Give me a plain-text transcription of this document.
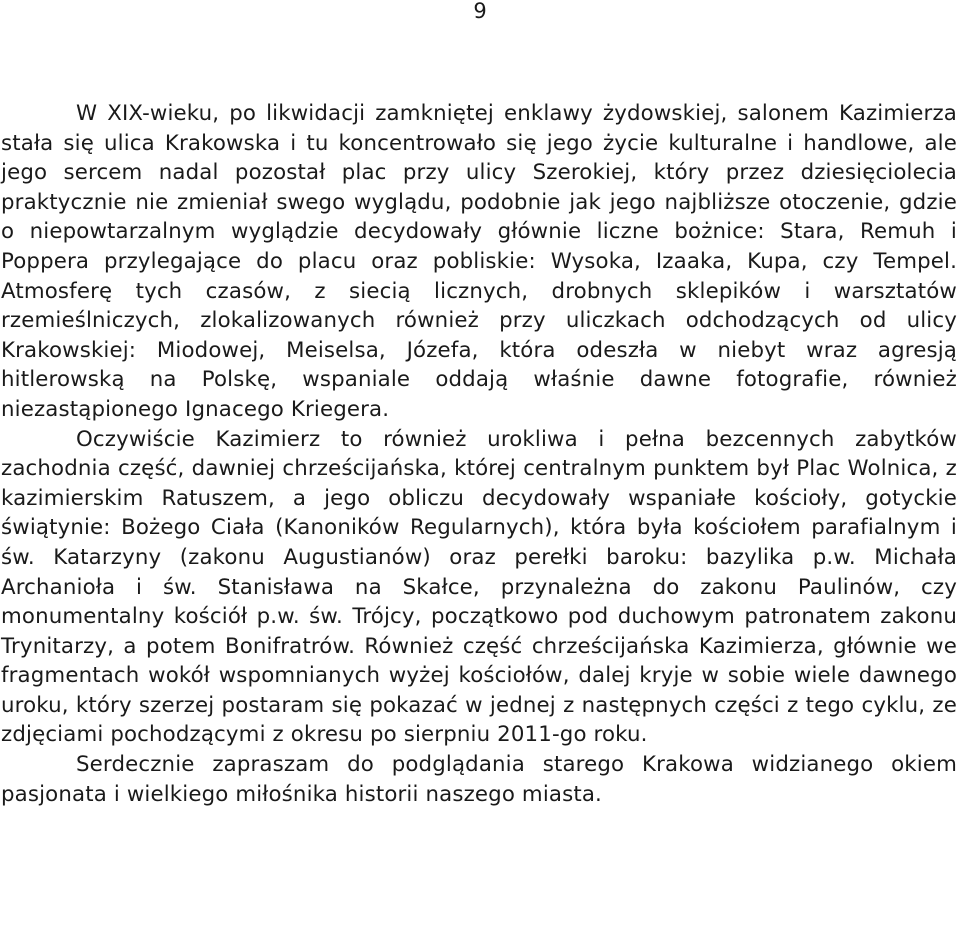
9

W XIX-wieku, po likwidacji zamkniętej enklawy żydowskiej, salonem Kazimierza stała się ulica Krakowska i tu koncentrowało się jego życie kulturalne i handlowe, ale jego sercem nadal pozostał plac przy ulicy Szerokiej, który przez dziesięciolecia praktycznie nie zmieniał swego wyglądu, podobnie jak jego najbliższe otoczenie, gdzie o niepowtarzalnym wyglądzie decydowały głównie liczne bożnice: Stara, Remuh i Poppera przylegające do placu oraz pobliskie: Wysoka, Izaaka, Kupa, czy Tempel. Atmosferę tych czasów, z siecią licznych, drobnych sklepików i warsztatów rzemieślniczych, zlokalizowanych również przy uliczkach odchodzących od ulicy Krakowskiej: Miodowej, Meiselsa, Józefa, która odeszła w niebyt wraz agresją hitlerowską na Polskę, wspaniale oddają właśnie dawne fotografie, również niezastąpionego Ignacego Kriegera.

Oczywiście Kazimierz to również urokliwa i pełna bezcennych zabytków zachodnia część, dawniej chrześcijańska, której centralnym punktem był Plac Wolnica, z kazimierskim Ratuszem, a jego obliczu decydowały wspaniałe kościoły, gotyckie świątynie: Bożego Ciała (Kanoników Regularnych), która była kościołem parafialnym i św. Katarzyny (zakonu Augustianów) oraz perełki baroku: bazylika p.w. Michała Archanioła i św. Stanisława na Skałce, przynależna do zakonu Paulinów, czy monumentalny kościół p.w. św. Trójcy, początkowo pod duchowym patronatem zakonu Trynitarzy, a potem Bonifratrów. Również część chrześcijańska Kazimierza, głównie we fragmentach wokół wspomnianych wyżej kościołów, dalej kryje w sobie wiele dawnego uroku, który szerzej postaram się pokazać w jednej z następnych części z tego cyklu, ze zdjęciami pochodzącymi z okresu po sierpniu 2011-go roku.

Serdecznie zapraszam do podglądania starego Krakowa widzianego okiem pasjonata i wielkiego miłośnika historii naszego miasta.
